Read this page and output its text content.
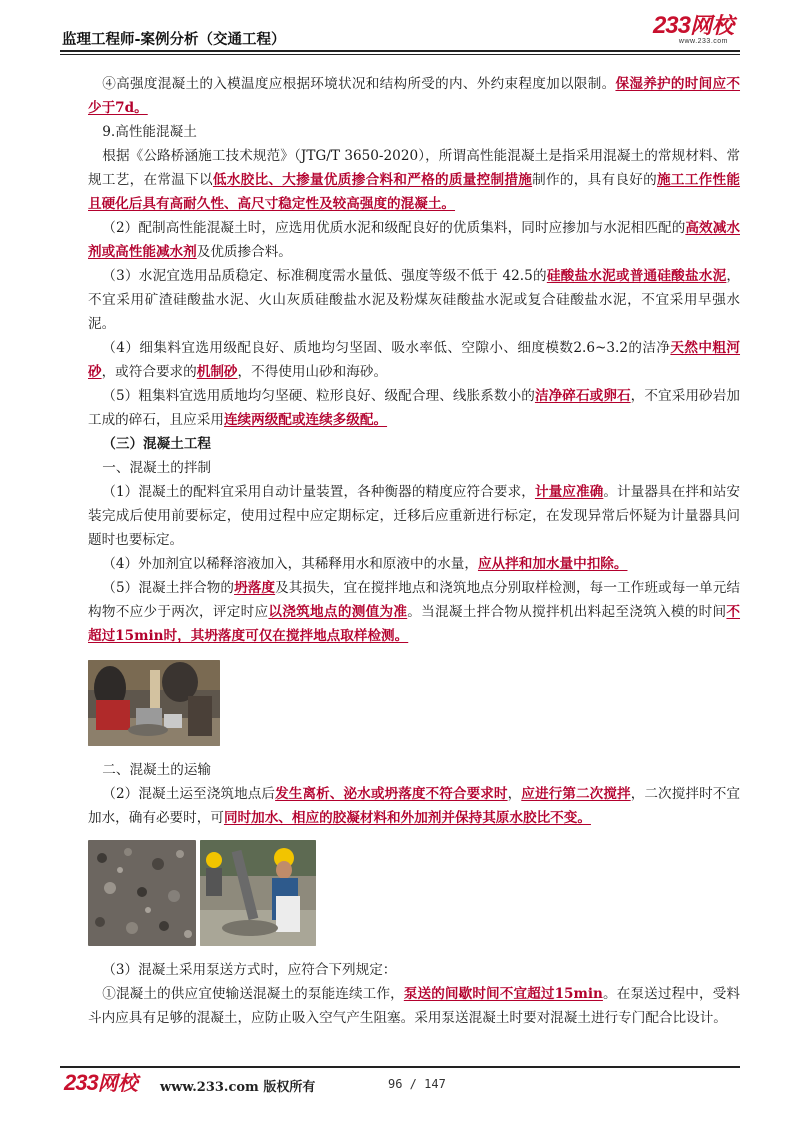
监理工程师-案例分析（交通工程）
233网校
www.233.com

④高强度混凝土的入模温度应根据环境状况和结构所受的内、外约束程度加以限制。保湿养护的时间应不少于7d。

9.高性能混凝土

根据《公路桥涵施工技术规范》（JTG/T 3650-2020），所谓高性能混凝土是指采用混凝土的常规材料、常规工艺，在常温下以低水胶比、大掺量优质掺合料和严格的质量控制措施制作的，具有良好的施工工作性能且硬化后具有高耐久性、高尺寸稳定性及较高强度的混凝土。

（2）配制高性能混凝土时，应选用优质水泥和级配良好的优质集料，同时应掺加与水泥相匹配的高效减水剂或高性能减水剂及优质掺合料。

（3）水泥宜选用品质稳定、标准稠度需水量低、强度等级不低于 42.5的硅酸盐水泥或普通硅酸盐水泥，不宜采用矿渣硅酸盐水泥、火山灰质硅酸盐水泥及粉煤灰硅酸盐水泥或复合硅酸盐水泥，不宜采用早强水泥。

（4）细集料宜选用级配良好、质地均匀坚固、吸水率低、空隙小、细度模数2.6~3.2的洁净天然中粗河砂，或符合要求的机制砂，不得使用山砂和海砂。

（5）粗集料宜选用质地均匀坚硬、粒形良好、级配合理、线胀系数小的洁净碎石或卵石，不宜采用砂岩加工成的碎石，且应采用连续两级配或连续多级配。

（三）混凝土工程

一、混凝土的拌制

（1）混凝土的配料宜采用自动计量装置，各种衡器的精度应符合要求，计量应准确。计量器具在拌和站安装完成后使用前要标定，使用过程中应定期标定，迁移后应重新进行标定，在发现异常后怀疑为计量器具问题时也要标定。

（4）外加剂宜以稀释溶液加入，其稀释用水和原液中的水量，应从拌和加水量中扣除。

（5）混凝土拌合物的坍落度及其损失，宜在搅拌地点和浇筑地点分别取样检测，每一工作班或每一单元结构物不应少于两次，评定时应以浇筑地点的测值为准。当混凝土拌合物从搅拌机出料起至浇筑入模的时间不超过15min时，其坍落度可仅在搅拌地点取样检测。

二、混凝土的运输

（2）混凝土运至浇筑地点后发生离析、泌水或坍落度不符合要求时，应进行第二次搅拌，二次搅拌时不宜加水，确有必要时，可同时加水、相应的胶凝材料和外加剂并保持其原水胶比不变。

（3）混凝土采用泵送方式时，应符合下列规定：

①混凝土的供应宜使输送混凝土的泵能连续工作，泵送的间歇时间不宜超过15min。在泵送过程中，受料斗内应具有足够的混凝土，应防止吸入空气产生阻塞。采用泵送混凝土时要对混凝土进行专门配合比设计。

233网校 www.233.com 版权所有	96 / 147
